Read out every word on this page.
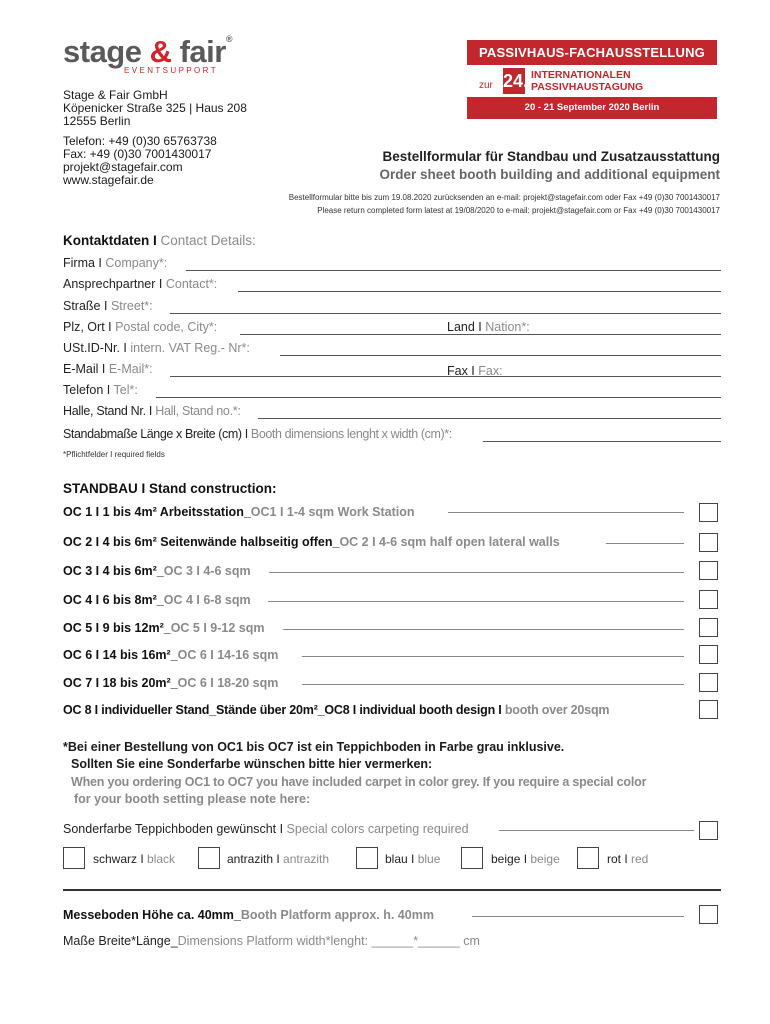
stage & fair®
EVENTSUPPORT
Stage & Fair GmbH
Köpenicker Straße 325 | Haus 208
12555 Berlin
Telefon: +49 (0)30 65763738
Fax: +49 (0)30 7001430017
projekt@stagefair.com
www.stagefair.de
PASSIVHAUS-FACHAUSSTELLUNG
zur 24. INTERNATIONALEN
PASSIVHAUSTAGUNG
20 - 21 September 2020 Berlin
Bestellformular für Standbau und Zusatzausstattung
Order sheet booth building and additional equipment
Bestellformular bitte bis zum 19.08.2020 zurücksenden an e-mail: projekt@stagefair.com oder Fax +49 (0)30 7001430017
Please return completed form latest at 19/08/2020 to e-mail: projekt@stagefair.com or Fax +49 (0)30 7001430017
Kontaktdaten I Contact Details:
Firma I Company*:
Ansprechpartner I Contact*:
Straße I Street*:
Plz, Ort I Postal code, City*:	Land I Nation*:
USt.ID-Nr. I intern. VAT Reg.- Nr*:
E-Mail I E-Mail*:	Fax I Fax:
Telefon I Tel*:
Halle, Stand Nr. I Hall, Stand no.*:
Standabmaße Länge x Breite (cm) I Booth dimensions lenght x width (cm)*:
*Pflichtfelder I required fields
STANDBAU I Stand construction:
OC 1 I 1 bis 4m² Arbeitsstation_OC1 I 1-4 sqm Work Station
OC 2 I 4 bis 6m² Seitenwände halbseitig offen_OC 2 I 4-6 sqm half open lateral walls
OC 3 I 4 bis 6m²_OC 3 I 4-6 sqm
OC 4 I 6 bis 8m²_OC 4 I 6-8 sqm
OC 5 I 9 bis 12m²_OC 5 I 9-12 sqm
OC 6 I 14 bis 16m²_OC 6 I 14-16 sqm
OC 7 I 18 bis 20m²_OC 6 I 18-20 sqm
OC 8 I individueller Stand_Stände über 20m²_OC8 I individual booth design I booth over 20sqm
*Bei einer Bestellung von OC1 bis OC7 ist ein Teppichboden in Farbe grau inklusive.
Sollten Sie eine Sonderfarbe wünschen bitte hier vermerken:
When you ordering OC1 to OC7 you have included carpet in color grey. If you require a special color
for your booth setting please note here:
Sonderfarbe Teppichboden gewünscht I Special colors carpeting required
schwarz I black	antrazith I antrazith	blau I blue	beige I beige	rot I red
Messeboden Höhe ca. 40mm_Booth Platform approx. h. 40mm
Maße Breite*Länge_Dimensions Platform width*lenght: ______*______ cm
